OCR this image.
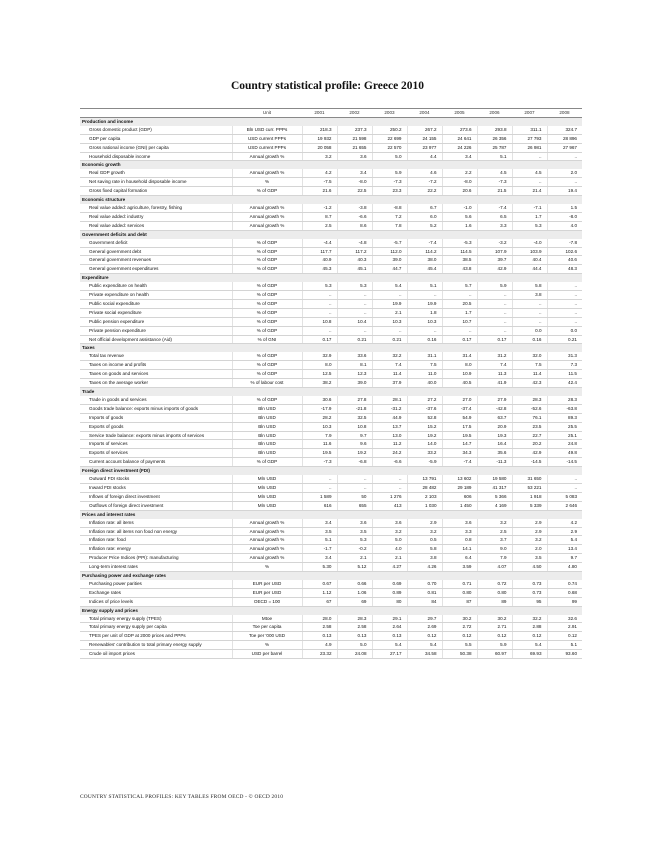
Country statistical profile: Greece 2010
	Unit	2001	2002	2003	2004	2005	2006	2007	2008
Production and income									
Gross domestic product (GDP)	Bln USD curr. PPPs	218.3	237.3	250.2	267.2	273.6	293.8	311.1	324.7
GDP per capita	USD current PPPs	19 932	21 598	22 699	24 155	24 641	26 356	27 793	28 896
Gross national income (GNI) per capita	USD current PPPs	20 058	21 655	22 570	23 977	24 226	25 787	26 981	27 967
Household disposable income	Annual growth %	3.2	3.6	5.0	4.4	3.4	5.1	..	..
Economic growth									
Real GDP growth	Annual growth %	4.2	3.4	5.9	4.6	2.2	4.5	4.5	2.0
Net saving rate in household disposable income	%	-7.5	-8.0	-7.3	-7.2	-8.0	-7.3	..	..
Gross fixed capital formation	% of GDP	21.6	22.5	23.3	22.2	20.6	21.5	21.4	19.4
Economic structure									
Real value added: agriculture, forestry, fishing	Annual growth %	-1.2	-3.8	-8.8	6.7	-1.0	-7.4	-7.1	1.5
Real value added: industry	Annual growth %	8.7	-6.6	7.2	6.0	5.6	6.5	1.7	-8.0
Real value added: services	Annual growth %	2.5	8.6	7.8	5.2	1.6	3.3	5.3	4.0
Government deficits and debt									
Government deficit	% of GDP	-4.4	-4.8	-5.7	-7.4	-5.3	-3.2	-4.0	-7.8
General government debt	% of GDP	117.7	117.2	112.0	114.2	114.5	107.9	103.9	102.6
General government revenues	% of GDP	40.9	40.3	39.0	38.0	38.5	39.7	40.4	40.6
General government expenditures	% of GDP	45.3	45.1	44.7	45.4	43.8	42.9	44.4	48.3
Expenditure									
Public expenditure on health	% of GDP	5.3	5.3	5.4	5.1	5.7	5.9	5.8	..
Private expenditure on health	% of GDP	..	..	..	..	..	..	3.8	..
Public social expenditure	% of GDP	..	..	19.9	19.9	20.5	..	..	..
Private social expenditure	% of GDP	..	..	2.1	1.8	1.7	..	..	..
Public pension expenditure	% of GDP	10.8	10.4	10.3	10.3	10.7	..	..	..
Private pension expenditure	% of GDP	..	..	..	..	..	..	0.0	0.0
Net official development assistance (Aid)	% of GNI	0.17	0.21	0.21	0.16	0.17	0.17	0.16	0.21
Taxes									
Total tax revenue	% of GDP	32.9	33.6	32.2	31.1	31.4	31.2	32.0	31.3
Taxes on income and profits	% of GDP	8.0	8.1	7.4	7.5	8.0	7.4	7.5	7.3
Taxes on goods and services	% of GDP	12.5	12.3	11.4	11.0	10.9	11.3	11.4	11.5
Taxes on the average worker	% of labour cost	38.2	39.0	37.9	40.0	40.5	41.9	42.3	42.4
Trade									
Trade in goods and services	% of GDP	30.6	27.8	28.1	27.2	27.0	27.9	28.3	28.3
Goods trade balance: exports minus imports of goods	Bln USD	-17.9	-21.8	-31.2	-37.6	-37.4	-42.8	-52.6	-63.8
Imports of goods	Bln USD	28.2	32.5	44.9	52.8	54.9	63.7	76.1	89.3
Exports of goods	Bln USD	10.3	10.8	13.7	15.2	17.5	20.9	23.5	25.5
Service trade balance: exports minus imports of services	Bln USD	7.9	9.7	13.0	19.2	19.5	19.3	22.7	25.1
Imports of services	Bln USD	11.6	9.6	11.2	14.0	14.7	16.4	20.2	24.8
Exports of services	Bln USD	19.5	19.2	24.2	33.2	34.3	35.6	42.9	49.8
Current account balance of payments	% of GDP	-7.3	-6.8	-6.6	-5.9	-7.4	-11.3	-14.5	-14.5
Foreign direct investment (FDI)									
Outward FDI stocks	Mln USD	..	..	..	13 791	13 602	19 580	31 650	..
Inward FDI stocks	Mln USD	..	..	..	28 482	29 189	41 317	53 221	..
Inflows of foreign direct investment	Mln USD	1 589	50	1 276	2 103	606	5 366	1 918	5 083
Outflows of foreign direct investment	Mln USD	616	655	413	1 030	1 450	4 169	5 339	2 646
Prices and interest rates									
Inflation rate: all items	Annual growth %	3.4	3.6	3.6	2.9	3.6	3.2	2.9	4.2
Inflation rate: all items non food non energy	Annual growth %	3.5	3.5	3.2	3.2	3.3	2.5	2.9	2.9
Inflation rate: food	Annual growth %	5.1	5.3	5.0	0.5	0.8	3.7	3.2	5.4
Inflation rate: energy	Annual growth %	-1.7	-0.2	4.0	5.8	14.1	9.0	2.0	13.4
Producer Price Indices (PPI): manufacturing	Annual growth %	3.4	2.1	2.1	3.8	6.4	7.9	3.5	9.7
Long-term interest rates	%	5.30	5.12	4.27	4.26	3.59	4.07	4.50	4.80
Purchasing power and exchange rates									
Purchasing power parities	EUR per USD	0.67	0.66	0.69	0.70	0.71	0.72	0.73	0.74
Exchange rates	EUR per USD	1.12	1.06	0.89	0.81	0.80	0.80	0.73	0.68
Indices of price levels	OECD = 100	67	69	80	84	87	89	95	99
Energy supply and prices									
Total primary energy supply (TPES)	Mtoe	28.0	28.3	29.1	29.7	30.2	30.2	32.2	32.6
Total primary energy supply per capita	Toe per capita	2.58	2.58	2.64	2.69	2.72	2.71	2.88	2.91
TPES per unit of GDP at 2000 prices and PPPs	Toe per '000 USD	0.13	0.13	0.13	0.12	0.12	0.12	0.12	0.12
Renewables' contribution to total primary energy supply	%	4.9	5.0	5.4	5.4	5.5	5.9	5.4	5.1
Crude oil import prices	USD per barrel	23.32	24.08	27.17	34.58	50.38	60.97	69.93	93.60
COUNTRY STATISTICAL PROFILES: KEY TABLES FROM OECD - © OECD 2010
